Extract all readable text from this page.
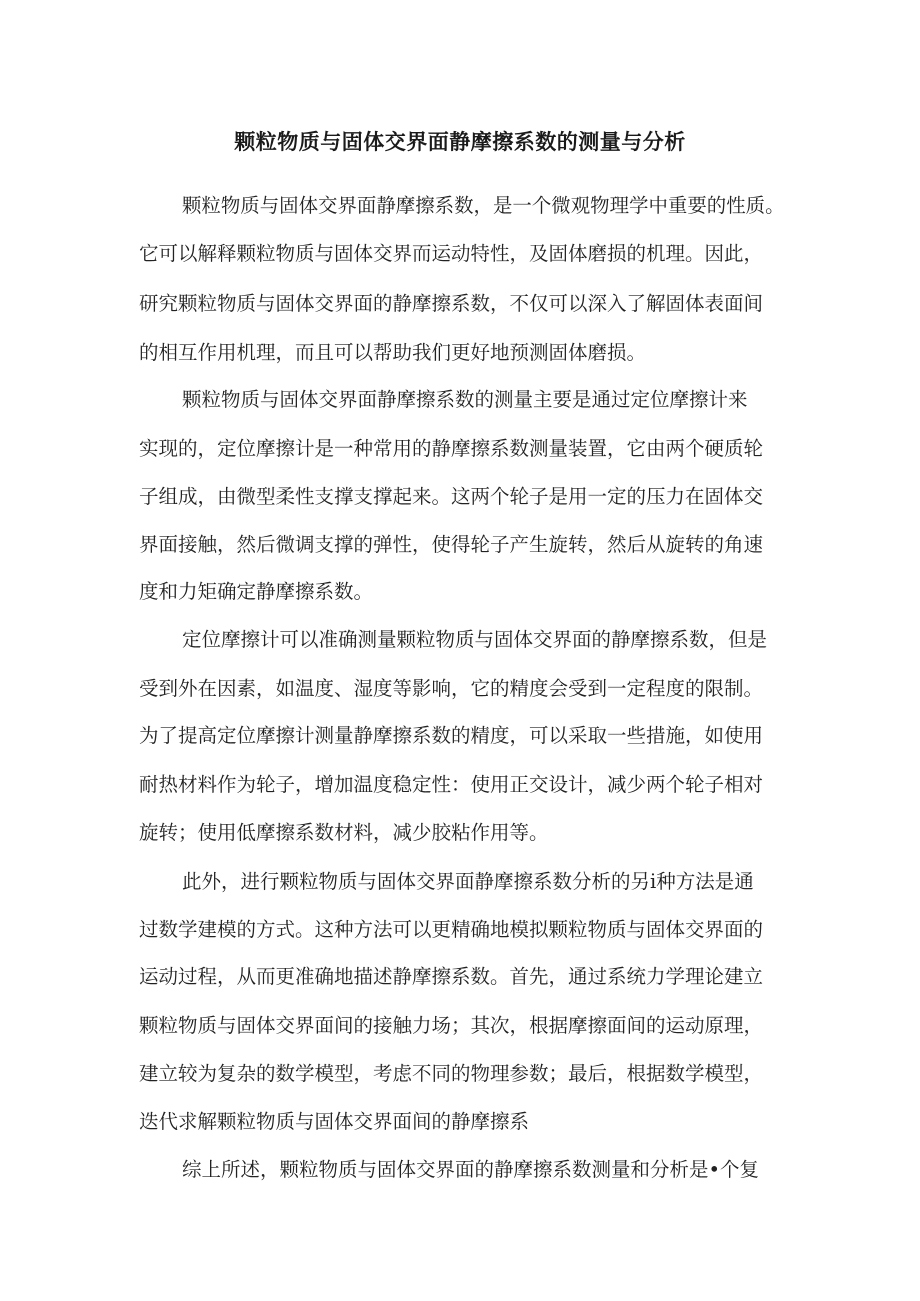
颗粒物质与固体交界面静摩擦系数的测量与分析
颗粒物质与固体交界面静摩擦系数，是一个微观物理学中重要的性质。
它可以解释颗粒物质与固体交界而运动特性，及固体磨损的机理。因此，
研究颗粒物质与固体交界面的静摩擦系数，不仅可以深入了解固体表面间
的相互作用机理，而且可以帮助我们更好地预测固体磨损。
颗粒物质与固体交界面静摩擦系数的测量主要是通过定位摩擦计来
实现的，定位摩擦计是一种常用的静摩擦系数测量装置，它由两个硬质轮
子组成，由微型柔性支撑支撑起来。这两个轮子是用一定的压力在固体交
界面接触，然后微调支撑的弹性，使得轮子产生旋转，然后从旋转的角速
度和力矩确定静摩擦系数。
定位摩擦计可以准确测量颗粒物质与固体交界面的静摩擦系数，但是
受到外在因素，如温度、湿度等影响，它的精度会受到一定程度的限制。
为了提高定位摩擦计测量静摩擦系数的精度，可以采取一些措施，如使用
耐热材料作为轮子，增加温度稳定性：使用正交设计，减少两个轮子相对
旋转；使用低摩擦系数材料，减少胶粘作用等。
此外，进行颗粒物质与固体交界面静摩擦系数分析的另i种方法是通
过数学建模的方式。这种方法可以更精确地模拟颗粒物质与固体交界面的
运动过程，从而更准确地描述静摩擦系数。首先，通过系统力学理论建立
颗粒物质与固体交界面间的接触力场；其次，根据摩擦面间的运动原理，
建立较为复杂的数学模型，考虑不同的物理参数；最后，根据数学模型，
迭代求解颗粒物质与固体交界面间的静摩擦系
综上所述，颗粒物质与固体交界面的静摩擦系数测量和分析是•个复
